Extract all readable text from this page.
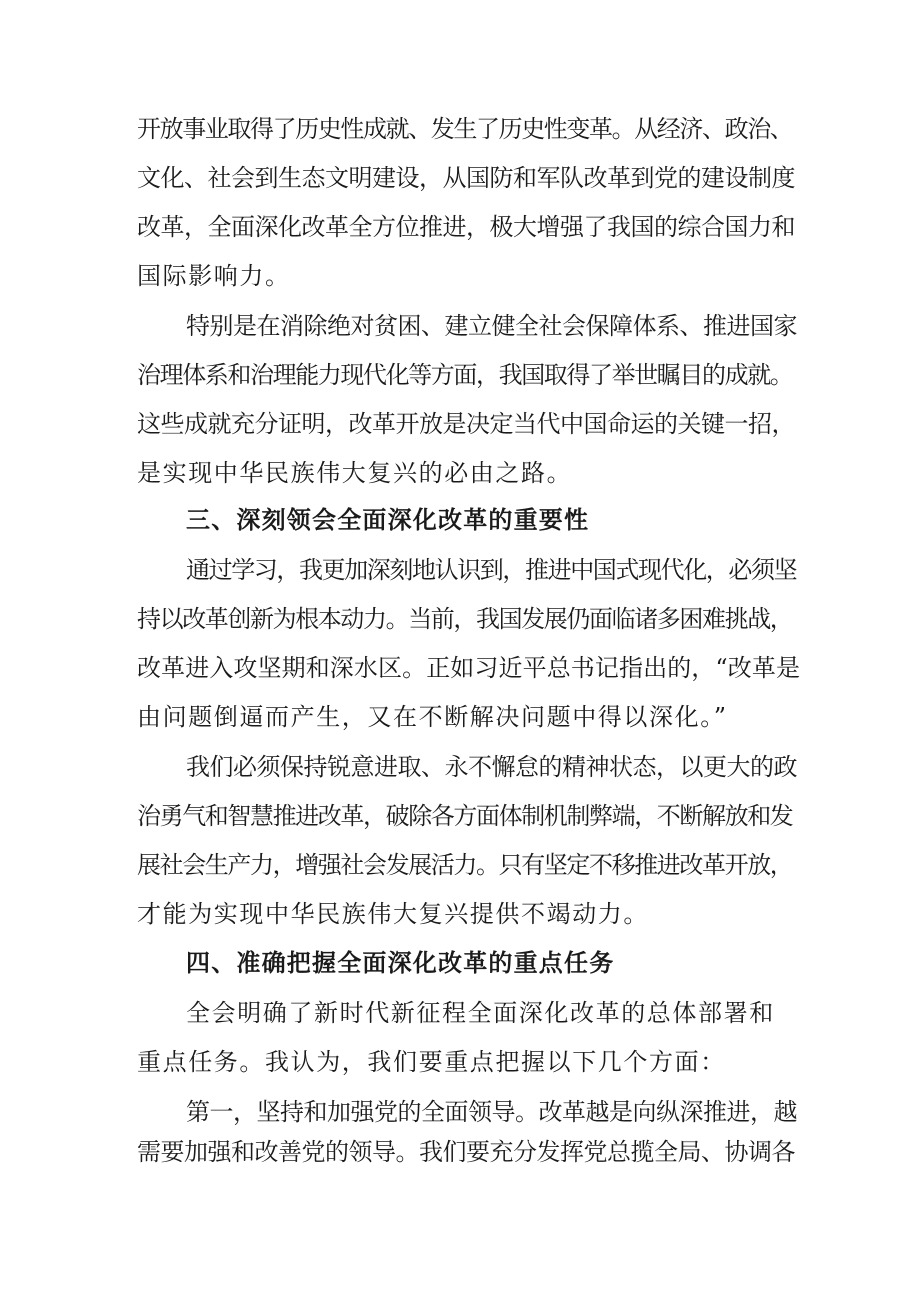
开放事业取得了历史性成就、发生了历史性变革。从经济、政治、
文化、社会到生态文明建设，从国防和军队改革到党的建设制度
改革，全面深化改革全方位推进，极大增强了我国的综合国力和
国际影响力。
特别是在消除绝对贫困、建立健全社会保障体系、推进国家
治理体系和治理能力现代化等方面，我国取得了举世瞩目的成就。
这些成就充分证明，改革开放是决定当代中国命运的关键一招，
是实现中华民族伟大复兴的必由之路。
三、深刻领会全面深化改革的重要性
通过学习，我更加深刻地认识到，推进中国式现代化，必须坚
持以改革创新为根本动力。当前，我国发展仍面临诸多困难挑战，
改革进入攻坚期和深水区。正如习近平总书记指出的，“改革是
由问题倒逼而产生，又在不断解决问题中得以深化。”
我们必须保持锐意进取、永不懈怠的精神状态，以更大的政
治勇气和智慧推进改革，破除各方面体制机制弊端，不断解放和发
展社会生产力，增强社会发展活力。只有坚定不移推进改革开放，
才能为实现中华民族伟大复兴提供不竭动力。
四、准确把握全面深化改革的重点任务
全会明确了新时代新征程全面深化改革的总体部署和
重点任务。我认为，我们要重点把握以下几个方面：
第一，坚持和加强党的全面领导。改革越是向纵深推进，越
需要加强和改善党的领导。我们要充分发挥党总揽全局、协调各
